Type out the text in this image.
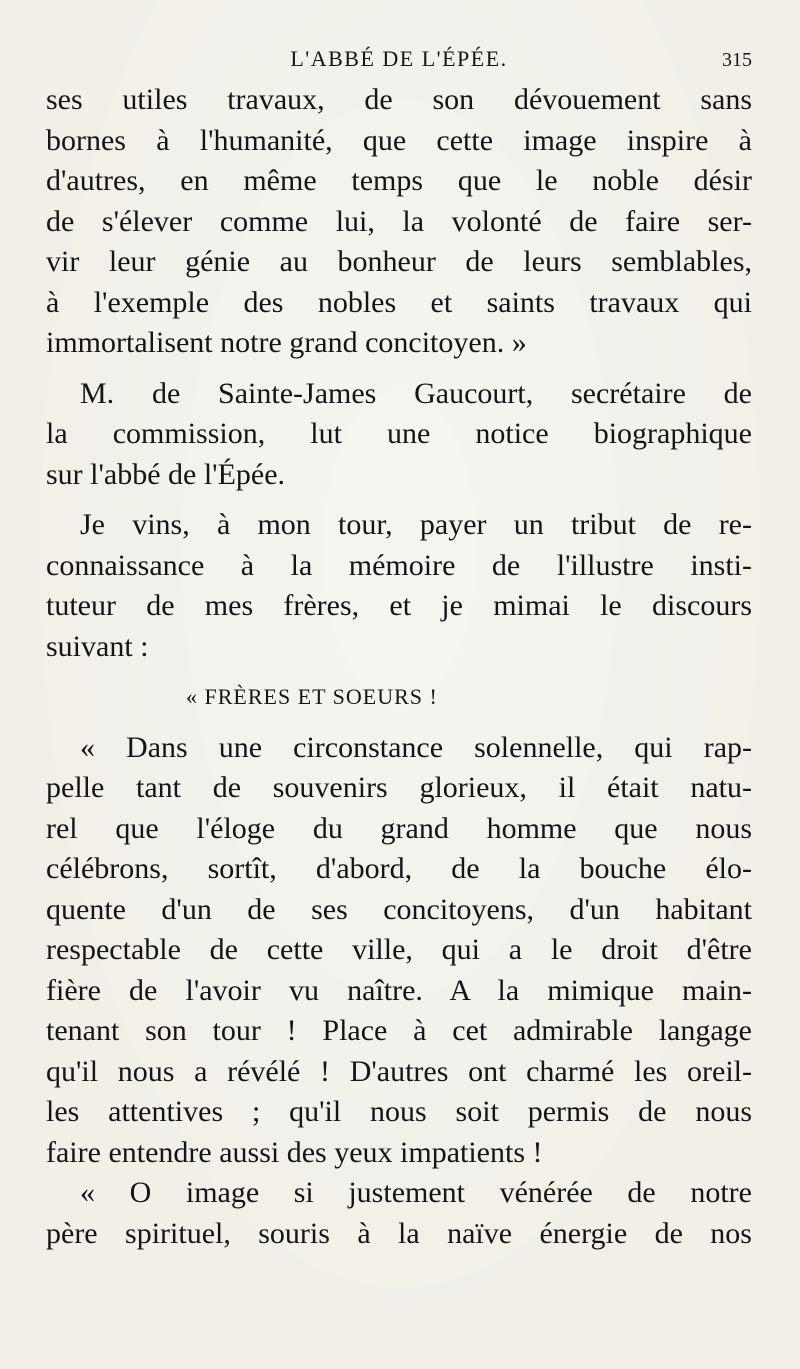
L'ABBÉ DE L'ÉPÉE.	315
ses utiles travaux, de son dévouement sans
bornes à l'humanité, que cette image inspire à
d'autres, en même temps que le noble désir
de s'élever comme lui, la volonté de faire ser-
vir leur génie au bonheur de leurs semblables,
à l'exemple des nobles et saints travaux qui
immortalisent notre grand concitoyen. »
M. de Sainte-James Gaucourt, secrétaire de
la commission, lut une notice biographique
sur l'abbé de l'Épée.
Je vins, à mon tour, payer un tribut de re-
connaissance à la mémoire de l'illustre insti-
tuteur de mes frères, et je mimai le discours
suivant :
« FRÈRES ET SOEURS !
« Dans une circonstance solennelle, qui rap-
pelle tant de souvenirs glorieux, il était natu-
rel que l'éloge du grand homme que nous
célébrons, sortît, d'abord, de la bouche élo-
quente d'un de ses concitoyens, d'un habitant
respectable de cette ville, qui a le droit d'être
fière de l'avoir vu naître. A la mimique main-
tenant son tour ! Place à cet admirable langage
qu'il nous a révélé ! D'autres ont charmé les oreil-
les attentives ; qu'il nous soit permis de nous
faire entendre aussi des yeux impatients !
« O image si justement vénérée de notre
père spirituel, souris à la naïve énergie de nos
